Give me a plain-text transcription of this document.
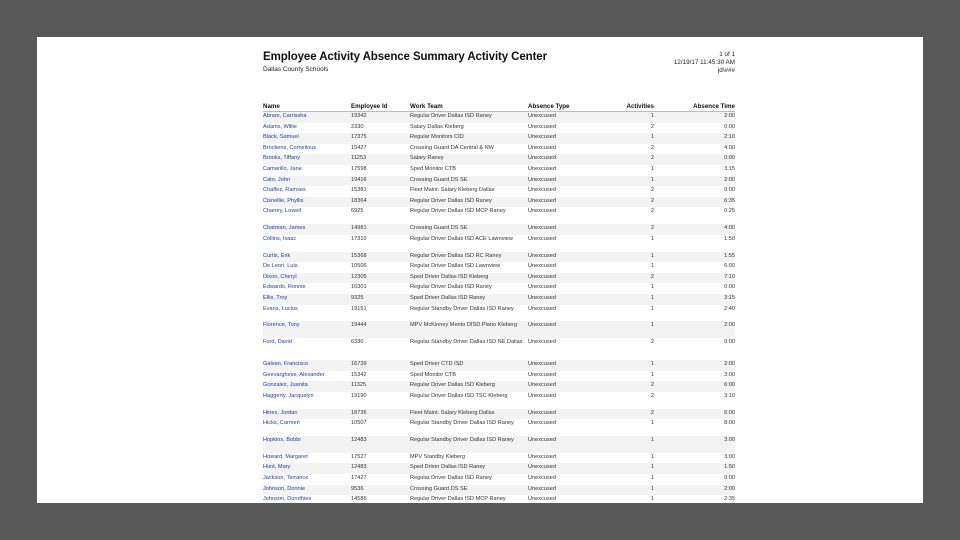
Employee Activity Absence Summary Activity Center
Dallas County Schools
1 of 1
12/19/17 11:45:30 AM
jd\###
Name	Employee Id	Work Team	Absence Type	Activities	Absence Time
Abram, Carrissha	19342	Regular Driver Dallas ISD Raney	Unexcused	1	2:00
Adams, Willie	2330	Salary Dallas Kleberg	Unexcused	2	0:00
Black, Samuel	17375	Regular Monitors CID	Unexcused	1	2:10
Brockens, Cornelious	15427	Crossing Guard DA Central & NW	Unexcused	2	4:00
Brooks, Tiffany	11253	Salary Raney	Unexcused	2	0:00
Camarillo, Jane	17598	Sped Monitor CTB	Unexcused	1	3:15
Cato, John	19416	Crossing Guard DS SE	Unexcused	1	2:00
Chaffez, Ramses	15381	Fleet Maint. Salary Kleberg Dallas	Unexcused	2	0:00
Cisnellie, Phyllis	18364	Regular Driver Dallas ISD Raney	Unexcused	2	6:35
Chaney, Lowell	6925	Regular Driver Dallas ISD MCP Raney	Unexcused	2	0:25
Chatman, James	14981	Crossing Guard DS SE	Unexcused	2	4:00
Collins, Isaac	17310	Regular Driver Dallas ISD ACE Lawnview	Unexcused	1	1:50
Curtis, Erik	15368	Regular Driver Dallas ISD RC Raney	Unexcused	1	1:55
De Leon, Luis	10506	Regular Driver Dallas ISD Lawnview	Unexcused	1	6:00
Dixon, Cheryl	12305	Sped Driver Dallas ISD Kleberg	Unexcused	2	7:10
Edwards, Ronnie	16301	Regular Driver Dallas ISD Raney	Unexcused	1	0:00
Ellis, Troy	9325	Sped Driver Dallas ISD Raney	Unexcused	1	3:15
Evans, Lucius	19151	Regular Standby Driver Dallas ISD Raney	Unexcused	1	2:40
Florence, Tony	19444	MPV McKinney Mento DISD Plano Kleberg	Unexcused	1	2:00
Ford, David	6330	Regular Standby Driver Dallas ISD NE Dallas Unexcused	2	0:00
Galvan, Francisco	16739	Sped Driver CTD ISD	Unexcused	1	2:00
Geevarghese, Alexander	15342	Sped Monitor CTB	Unexcused	1	3:00
Gonzalez, Juanita	11325	Regular Driver Dallas ISD Kleberg	Unexcused	2	6:00
Haggerty, Jacquelyn	19190	Regular Driver Dallas ISD TSC Kleberg	Unexcused	2	3:10
Hines, Jordan	18736	Fleet Maint. Salary Kleberg Dallas	Unexcused	2	6:00
Hicks, Carmen	10507	Regular Standby Driver Dallas ISD Raney	Unexcused	1	8:00
Hopkins, Bobbi	12483	Regular Standby Driver Dallas ISD Raney	Unexcused	1	3:00
Howard, Margaret	17527	MPV Standby Kleberg	Unexcused	1	3:00
Hunt, Mary	12483	Sped Driver Dallas ISD Raney	Unexcused	1	1:50
Jackson, Terrance	17427	Regular Driver Dallas ISD Raney	Unexcused	1	0:00
Johnson, Donnie	9536	Crossing Guard DS SE	Unexcused	1	2:00
Johnson, Dorothies	14586	Regular Driver Dallas ISD MCP Raney	Unexcused	1	2:35
